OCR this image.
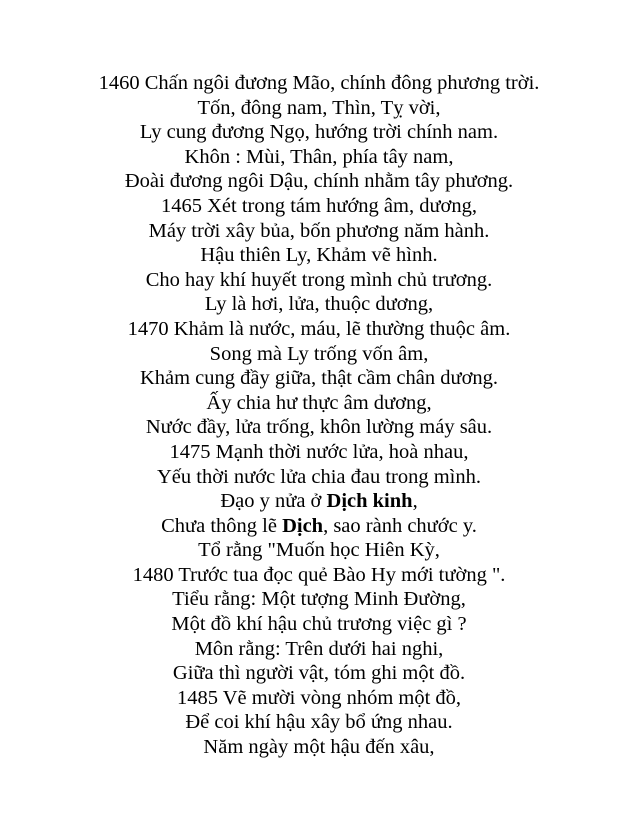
1460 Chấn ngôi đương Mão, chính đông phương trời.
Tốn, đông nam, Thìn, Tỵ vời,
Ly cung đương Ngọ, hướng trời chính nam.
Khôn : Mùi, Thân, phía tây nam,
Đoài đương ngôi Dậu, chính nhằm tây phương.
1465 Xét trong tám hướng âm, dương,
Máy trời xây bủa, bốn phương năm hành.
Hậu thiên Ly, Khảm vẽ hình.
Cho hay khí huyết trong mình chủ trương.
Ly là hơi, lửa, thuộc dương,
1470 Khảm là nước, máu, lẽ thường thuộc âm.
Song mà Ly trống vốn âm,
Khảm cung đầy giữa, thật cầm chân dương.
Ấy chia hư thực âm dương,
Nước đầy, lửa trống, khôn lường máy sâu.
1475 Mạnh thời nước lửa, hoà nhau,
Yếu thời nước lửa chia đau trong mình.
Đạo y nửa ở Dịch kinh,
Chưa thông lẽ Dịch, sao rành chước y.
Tổ rằng "Muốn học Hiên Kỳ,
1480 Trước tua đọc quẻ Bào Hy mới tường ".
Tiểu rằng: Một tượng Minh Đường,
Một đồ khí hậu chủ trương việc gì ?
Môn rằng: Trên dưới hai nghi,
Giữa thì người vật, tóm ghi một đồ.
1485 Vẽ mười vòng nhóm một đồ,
Để coi khí hậu xây bổ ứng nhau.
Năm ngày một hậu đến xâu,
